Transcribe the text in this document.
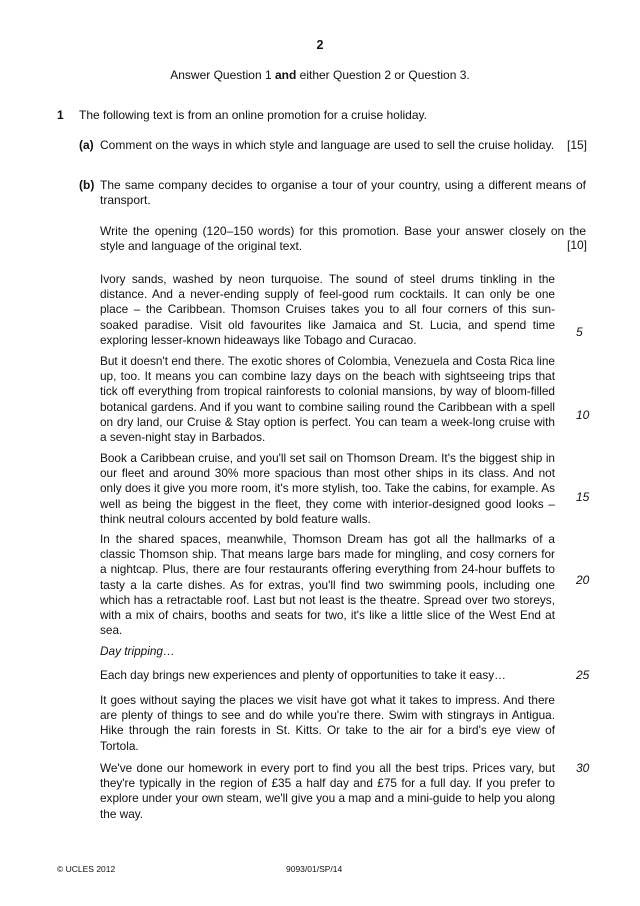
2
Answer Question 1 and either Question 2 or Question 3.
1 The following text is from an online promotion for a cruise holiday.
(a) Comment on the ways in which style and language are used to sell the cruise holiday. [15]
(b) The same company decides to organise a tour of your country, using a different means of transport.
Write the opening (120–150 words) for this promotion. Base your answer closely on the style and language of the original text.	[10]

Ivory sands, washed by neon turquoise. The sound of steel drums tinkling in the distance. And a never-ending supply of feel-good rum cocktails. It can only be one place – the Caribbean. Thomson Cruises takes you to all four corners of this sun-soaked paradise. Visit old favourites like Jamaica and St. Lucia, and spend time exploring lesser-known hideaways like Tobago and Curacao.

But it doesn't end there. The exotic shores of Colombia, Venezuela and Costa Rica line up, too. It means you can combine lazy days on the beach with sightseeing trips that tick off everything from tropical rainforests to colonial mansions, by way of bloom-filled botanical gardens. And if you want to combine sailing round the Caribbean with a spell on dry land, our Cruise & Stay option is perfect. You can team a week-long cruise with a seven-night stay in Barbados.

Book a Caribbean cruise, and you'll set sail on Thomson Dream. It's the biggest ship in our fleet and around 30% more spacious than most other ships in its class. And not only does it give you more room, it's more stylish, too. Take the cabins, for example. As well as being the biggest in the fleet, they come with interior-designed good looks – think neutral colours accented by bold feature walls.

In the shared spaces, meanwhile, Thomson Dream has got all the hallmarks of a classic Thomson ship. That means large bars made for mingling, and cosy corners for a nightcap. Plus, there are four restaurants offering everything from 24-hour buffets to tasty a la carte dishes. As for extras, you'll find two swimming pools, including one which has a retractable roof. Last but not least is the theatre. Spread over two storeys, with a mix of chairs, booths and seats for two, it's like a little slice of the West End at sea.

Day tripping…

Each day brings new experiences and plenty of opportunities to take it easy…

It goes without saying the places we visit have got what it takes to impress. And there are plenty of things to see and do while you're there. Swim with stingrays in Antigua. Hike through the rain forests in St. Kitts. Or take to the air for a bird's eye view of Tortola.

We've done our homework in every port to find you all the best trips. Prices vary, but they're typically in the region of £35 a half day and £75 for a full day. If you prefer to explore under your own steam, we'll give you a map and a mini-guide to help you along the way.

5
10
15
20
25
30
© UCLES 2012	9093/01/SP/14
